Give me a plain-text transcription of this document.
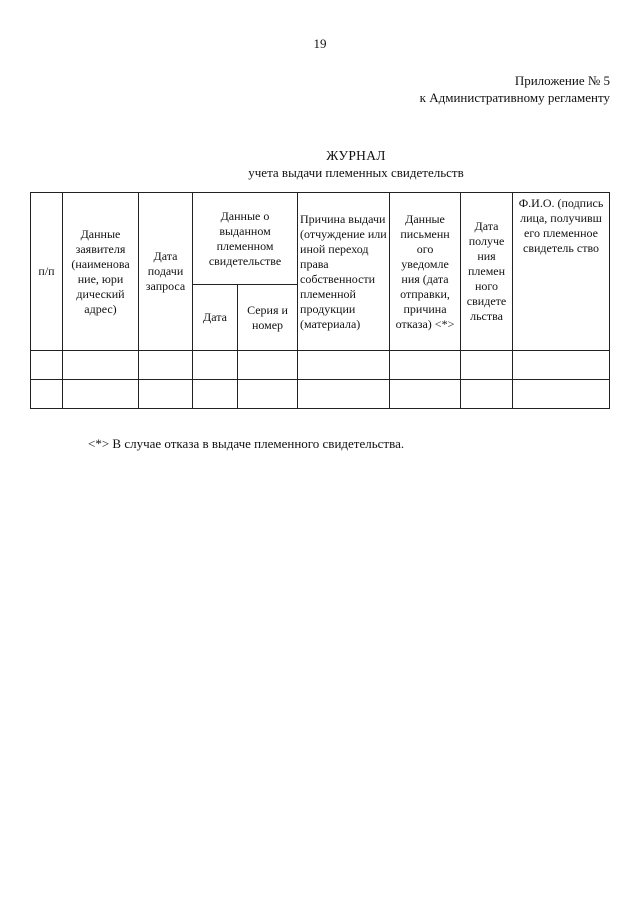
19
Приложение № 5
к Административному регламенту
ЖУРНАЛ
учета выдачи племенных свидетельств
п/п	Данные заявителя (наименова ние, юри дический адрес)	Дата подачи запроса	Данные о выданном племенном свидетельстве		Причина выдачи (отчуждение или иной переход права собственности племенной продукции (материала)	Данные письменн ого уведомле ния (дата отправки, причина отказа) <*>	Дата получе ния племен ного свидете льства	Ф.И.О. (подпись лица, получивш его племенное свидетель ство
			Дата	Серия и номер				

<*> В случае отказа в выдаче племенного свидетельства.
